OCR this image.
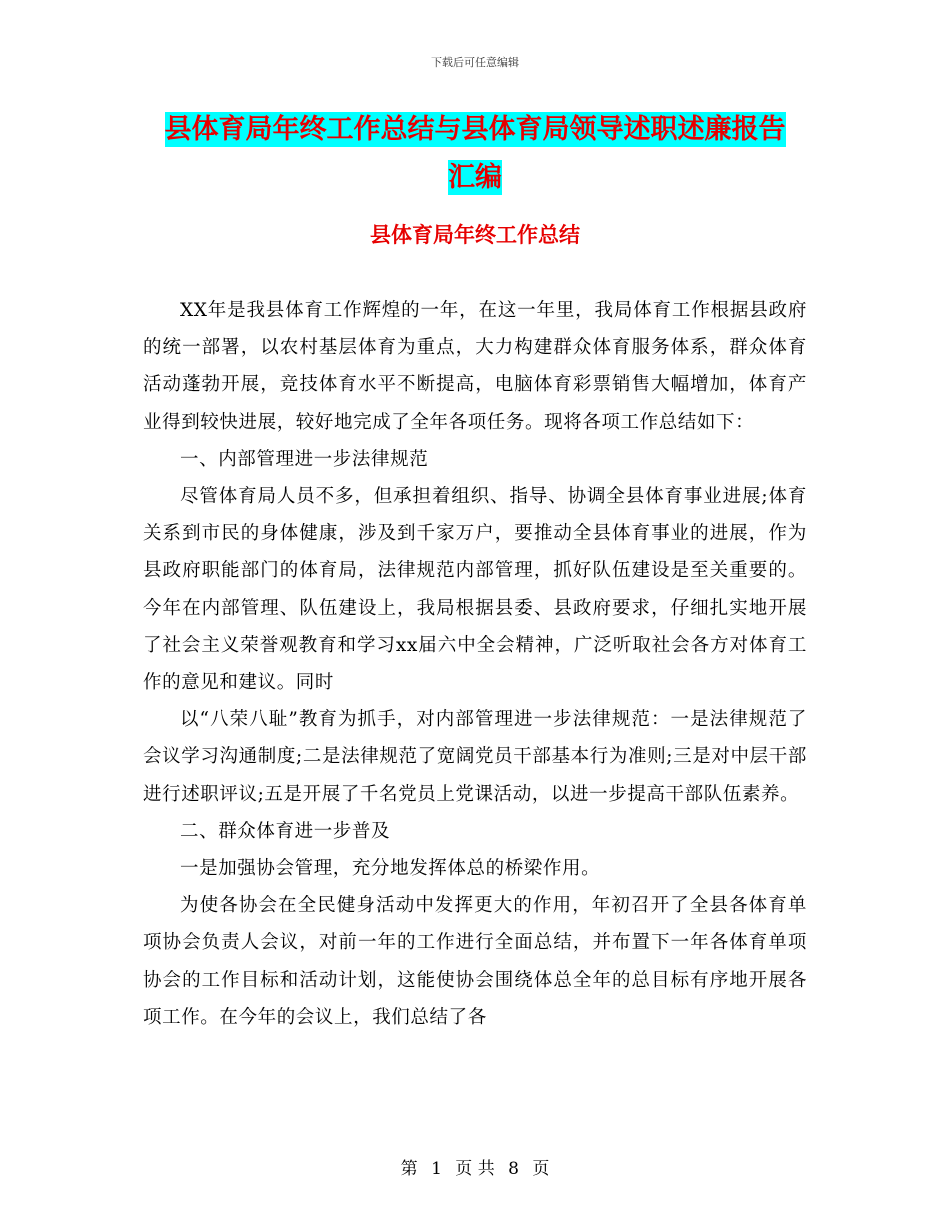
下载后可任意编辑
县体育局年终工作总结与县体育局领导述职述廉报告
汇编
县体育局年终工作总结

XX年是我县体育工作辉煌的一年，在这一年里，我局体育工作根据县政府的统一部署，以农村基层体育为重点，大力构建群众体育服务体系，群众体育活动蓬勃开展，竞技体育水平不断提高，电脑体育彩票销售大幅增加，体育产业得到较快进展，较好地完成了全年各项任务。现将各项工作总结如下：

一、内部管理进一步法律规范

尽管体育局人员不多，但承担着组织、指导、协调全县体育事业进展;体育关系到市民的身体健康，涉及到千家万户，要推动全县体育事业的进展，作为县政府职能部门的体育局，法律规范内部管理，抓好队伍建设是至关重要的。今年在内部管理、队伍建设上，我局根据县委、县政府要求，仔细扎实地开展了社会主义荣誉观教育和学习xx届六中全会精神，广泛听取社会各方对体育工作的意见和建议。同时

以“八荣八耻”教育为抓手，对内部管理进一步法律规范：一是法律规范了会议学习沟通制度;二是法律规范了宽阔党员干部基本行为准则;三是对中层干部进行述职评议;五是开展了千名党员上党课活动，以进一步提高干部队伍素养。

二、群众体育进一步普及

一是加强协会管理，充分地发挥体总的桥梁作用。

为使各协会在全民健身活动中发挥更大的作用，年初召开了全县各体育单项协会负责人会议，对前一年的工作进行全面总结，并布置下一年各体育单项协会的工作目标和活动计划，这能使协会围绕体总全年的总目标有序地开展各项工作。在今年的会议上，我们总结了各

第 1 页 共 8 页
